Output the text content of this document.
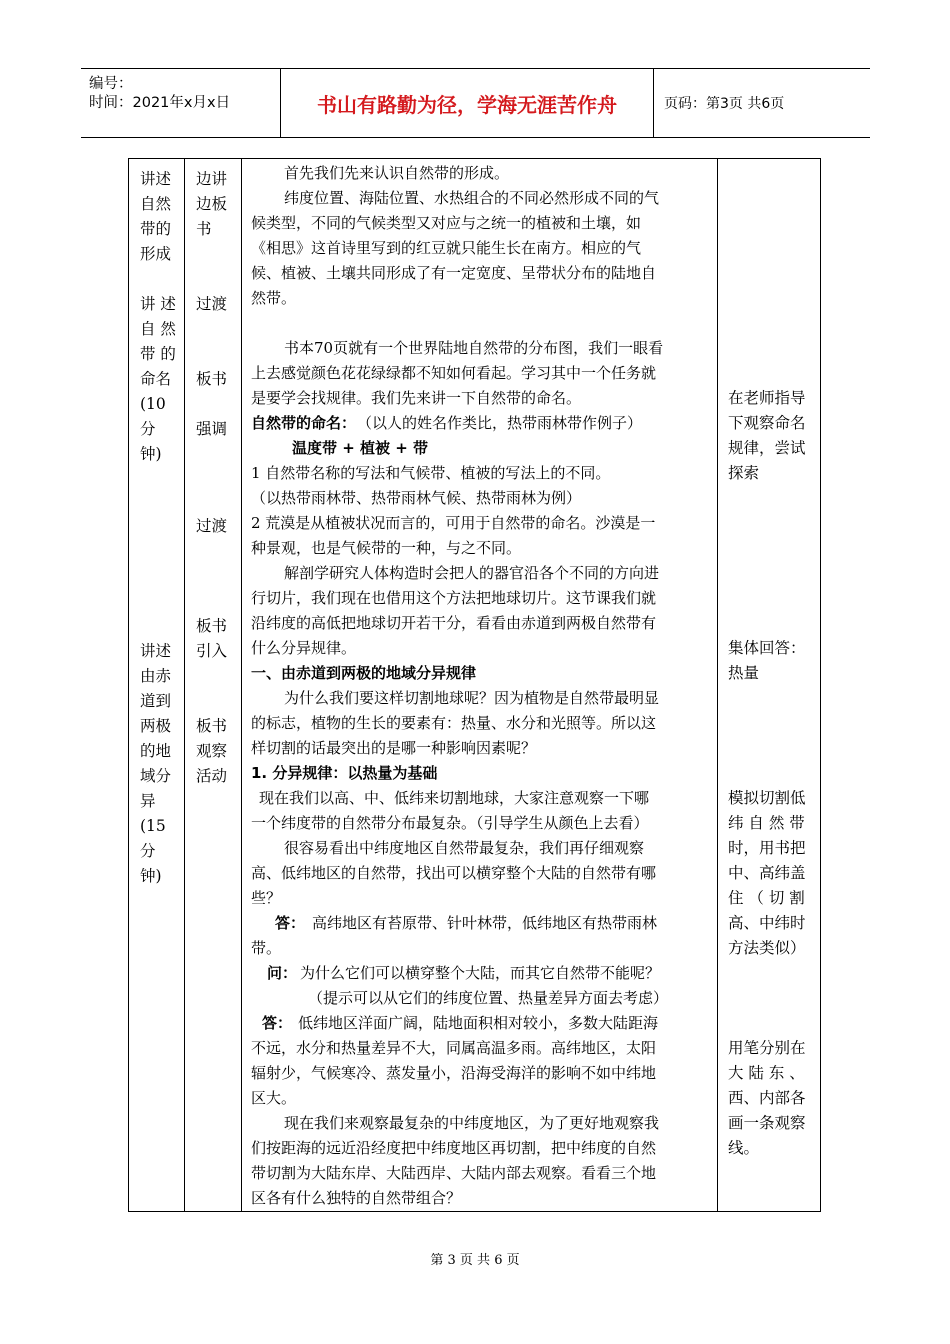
编号：
时间：2021年x月x日	书山有路勤为径，学海无涯苦作舟	页码：第3页 共6页
讲述
自然
带的
形成
讲 述
自 然
带 的
命名
(10
分
钟)
讲述
由赤
道到
两极
的地
域分
异
(15
分
钟)
边讲
边板
书
过渡
板书
强调
过渡
板书
引入
板书
观察
活动
首先我们先来认识自然带的形成。
纬度位置、海陆位置、水热组合的不同必然形成不同的气
候类型，不同的气候类型又对应与之统一的植被和土壤，如
《相思》这首诗里写到的红豆就只能生长在南方。相应的气
候、植被、土壤共同形成了有一定宽度、呈带状分布的陆地自
然带。
书本70页就有一个世界陆地自然带的分布图，我们一眼看
上去感觉颜色花花绿绿都不知如何看起。学习其中一个任务就
是要学会找规律。我们先来讲一下自然带的命名。
自然带的命名： （以人的姓名作类比，热带雨林带作例子）
温度带 + 植被 + 带
1 自然带名称的写法和气候带、植被的写法上的不同。
（以热带雨林带、热带雨林气候、热带雨林为例）
2 荒漠是从植被状况而言的，可用于自然带的命名。沙漠是一
种景观，也是气候带的一种，与之不同。
解剖学研究人体构造时会把人的器官沿各个不同的方向进
行切片，我们现在也借用这个方法把地球切片。这节课我们就
沿纬度的高低把地球切开若干分，看看由赤道到两极自然带有
什么分异规律。
一、由赤道到两极的地域分异规律
为什么我们要这样切割地球呢？因为植物是自然带最明显
的标志，植物的生长的要素有：热量、水分和光照等。所以这
样切割的话最突出的是哪一种影响因素呢？
1. 分异规律：以热量为基础
现在我们以高、中、低纬来切割地球，大家注意观察一下哪
一个纬度带的自然带分布最复杂。（引导学生从颜色上去看）
很容易看出中纬度地区自然带最复杂，我们再仔细观察
高、低纬地区的自然带，找出可以横穿整个大陆的自然带有哪
些？
答： 高纬地区有苔原带、针叶林带，低纬地区有热带雨林
带。
问： 为什么它们可以横穿整个大陆，而其它自然带不能呢？
（提示可以从它们的纬度位置、热量差异方面去考虑）
答： 低纬地区洋面广阔，陆地面积相对较小，多数大陆距海
不远，水分和热量差异不大，同属高温多雨。高纬地区，太阳
辐射少，气候寒冷、蒸发量小，沿海受海洋的影响不如中纬地
区大。
现在我们来观察最复杂的中纬度地区，为了更好地观察我
们按距海的远近沿经度把中纬度地区再切割，把中纬度的自然
带切割为大陆东岸、大陆西岸、大陆内部去观察。看看三个地
区各有什么独特的自然带组合？
在老师指导
下观察命名
规律，尝试
探索
集体回答：
热量
模拟切割低
纬 自 然 带
时，用书把
中、高纬盖
住 （ 切 割
高、中纬时
方法类似）
用笔分别在
大 陆 东 、
西、内部各
画一条观察
线。
第 3 页 共 6 页
